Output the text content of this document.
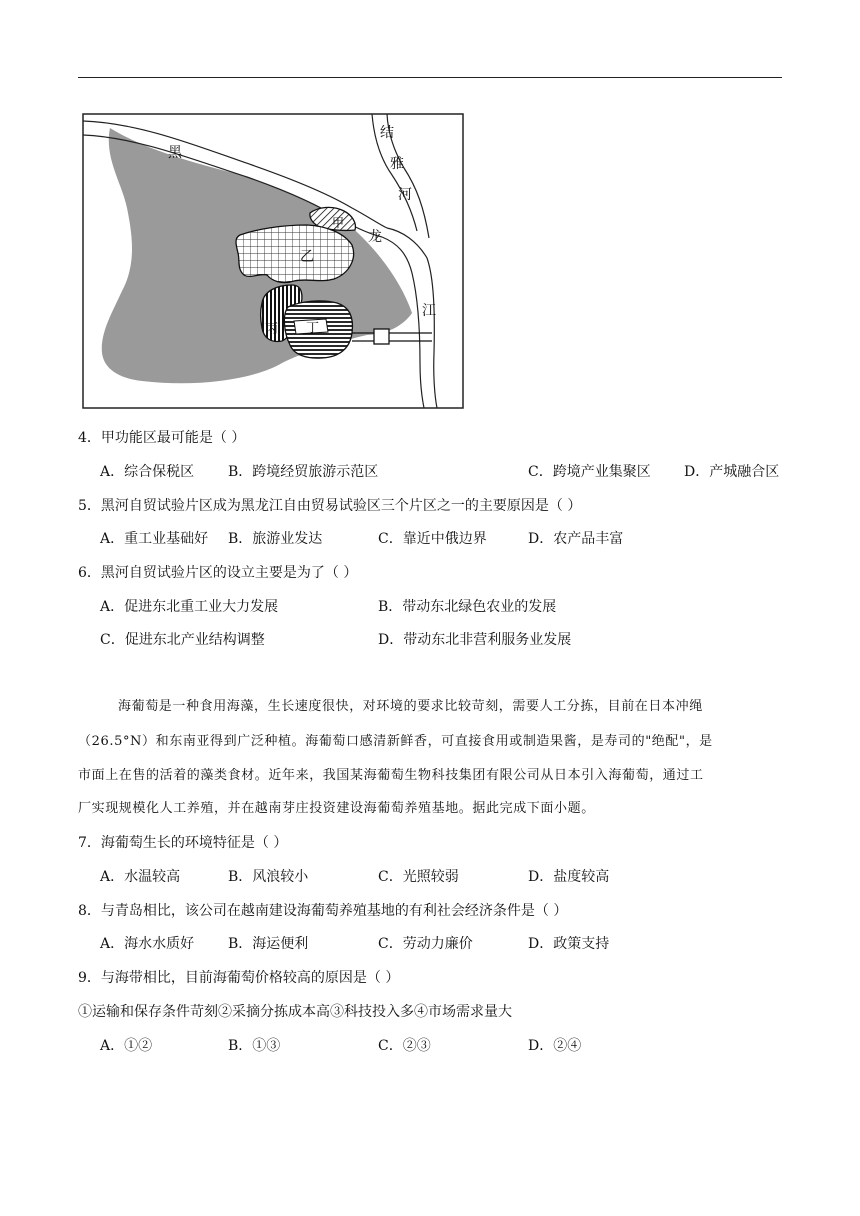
黑
龙
江
结
雅
河
甲
乙
丙 丁
4．甲功能区最可能是（ ）
A．综合保税区 B．跨境经贸旅游示范区	C．跨境产业集聚区 D．产城融合区
5．黑河自贸试验片区成为黑龙江自由贸易试验区三个片区之一的主要原因是（ ）
A．重工业基础好 B．旅游业发达	C．靠近中俄边界	D．农产品丰富
6．黑河自贸试验片区的设立主要是为了（ ）
A．促进东北重工业大力发展	B．带动东北绿色农业的发展
C．促进东北产业结构调整	D．带动东北非营利服务业发展
海葡萄是一种食用海藻，生长速度很快，对环境的要求比较苛刻，需要人工分拣，目前在日本冲绳
（26.5°N）和东南亚得到广泛种植。海葡萄口感清新鲜香，可直接食用或制造果酱，是寿司的"绝配"，是
市面上在售的活着的藻类食材。近年来，我国某海葡萄生物科技集团有限公司从日本引入海葡萄，通过工
厂实现规模化人工养殖，并在越南芽庄投资建设海葡萄养殖基地。据此完成下面小题。
7．海葡萄生长的环境特征是（ ）
A．水温较高	B．风浪较小	C．光照较弱	D．盐度较高
8．与青岛相比，该公司在越南建设海葡萄养殖基地的有利社会经济条件是（ ）
A．海水水质好 B．海运便利	C．劳动力廉价	D．政策支持
9．与海带相比，目前海葡萄价格较高的原因是（ ）
①运输和保存条件苛刻②采摘分拣成本高③科技投入多④市场需求量大
A．①②	B．①③	C．②③	D．②④
